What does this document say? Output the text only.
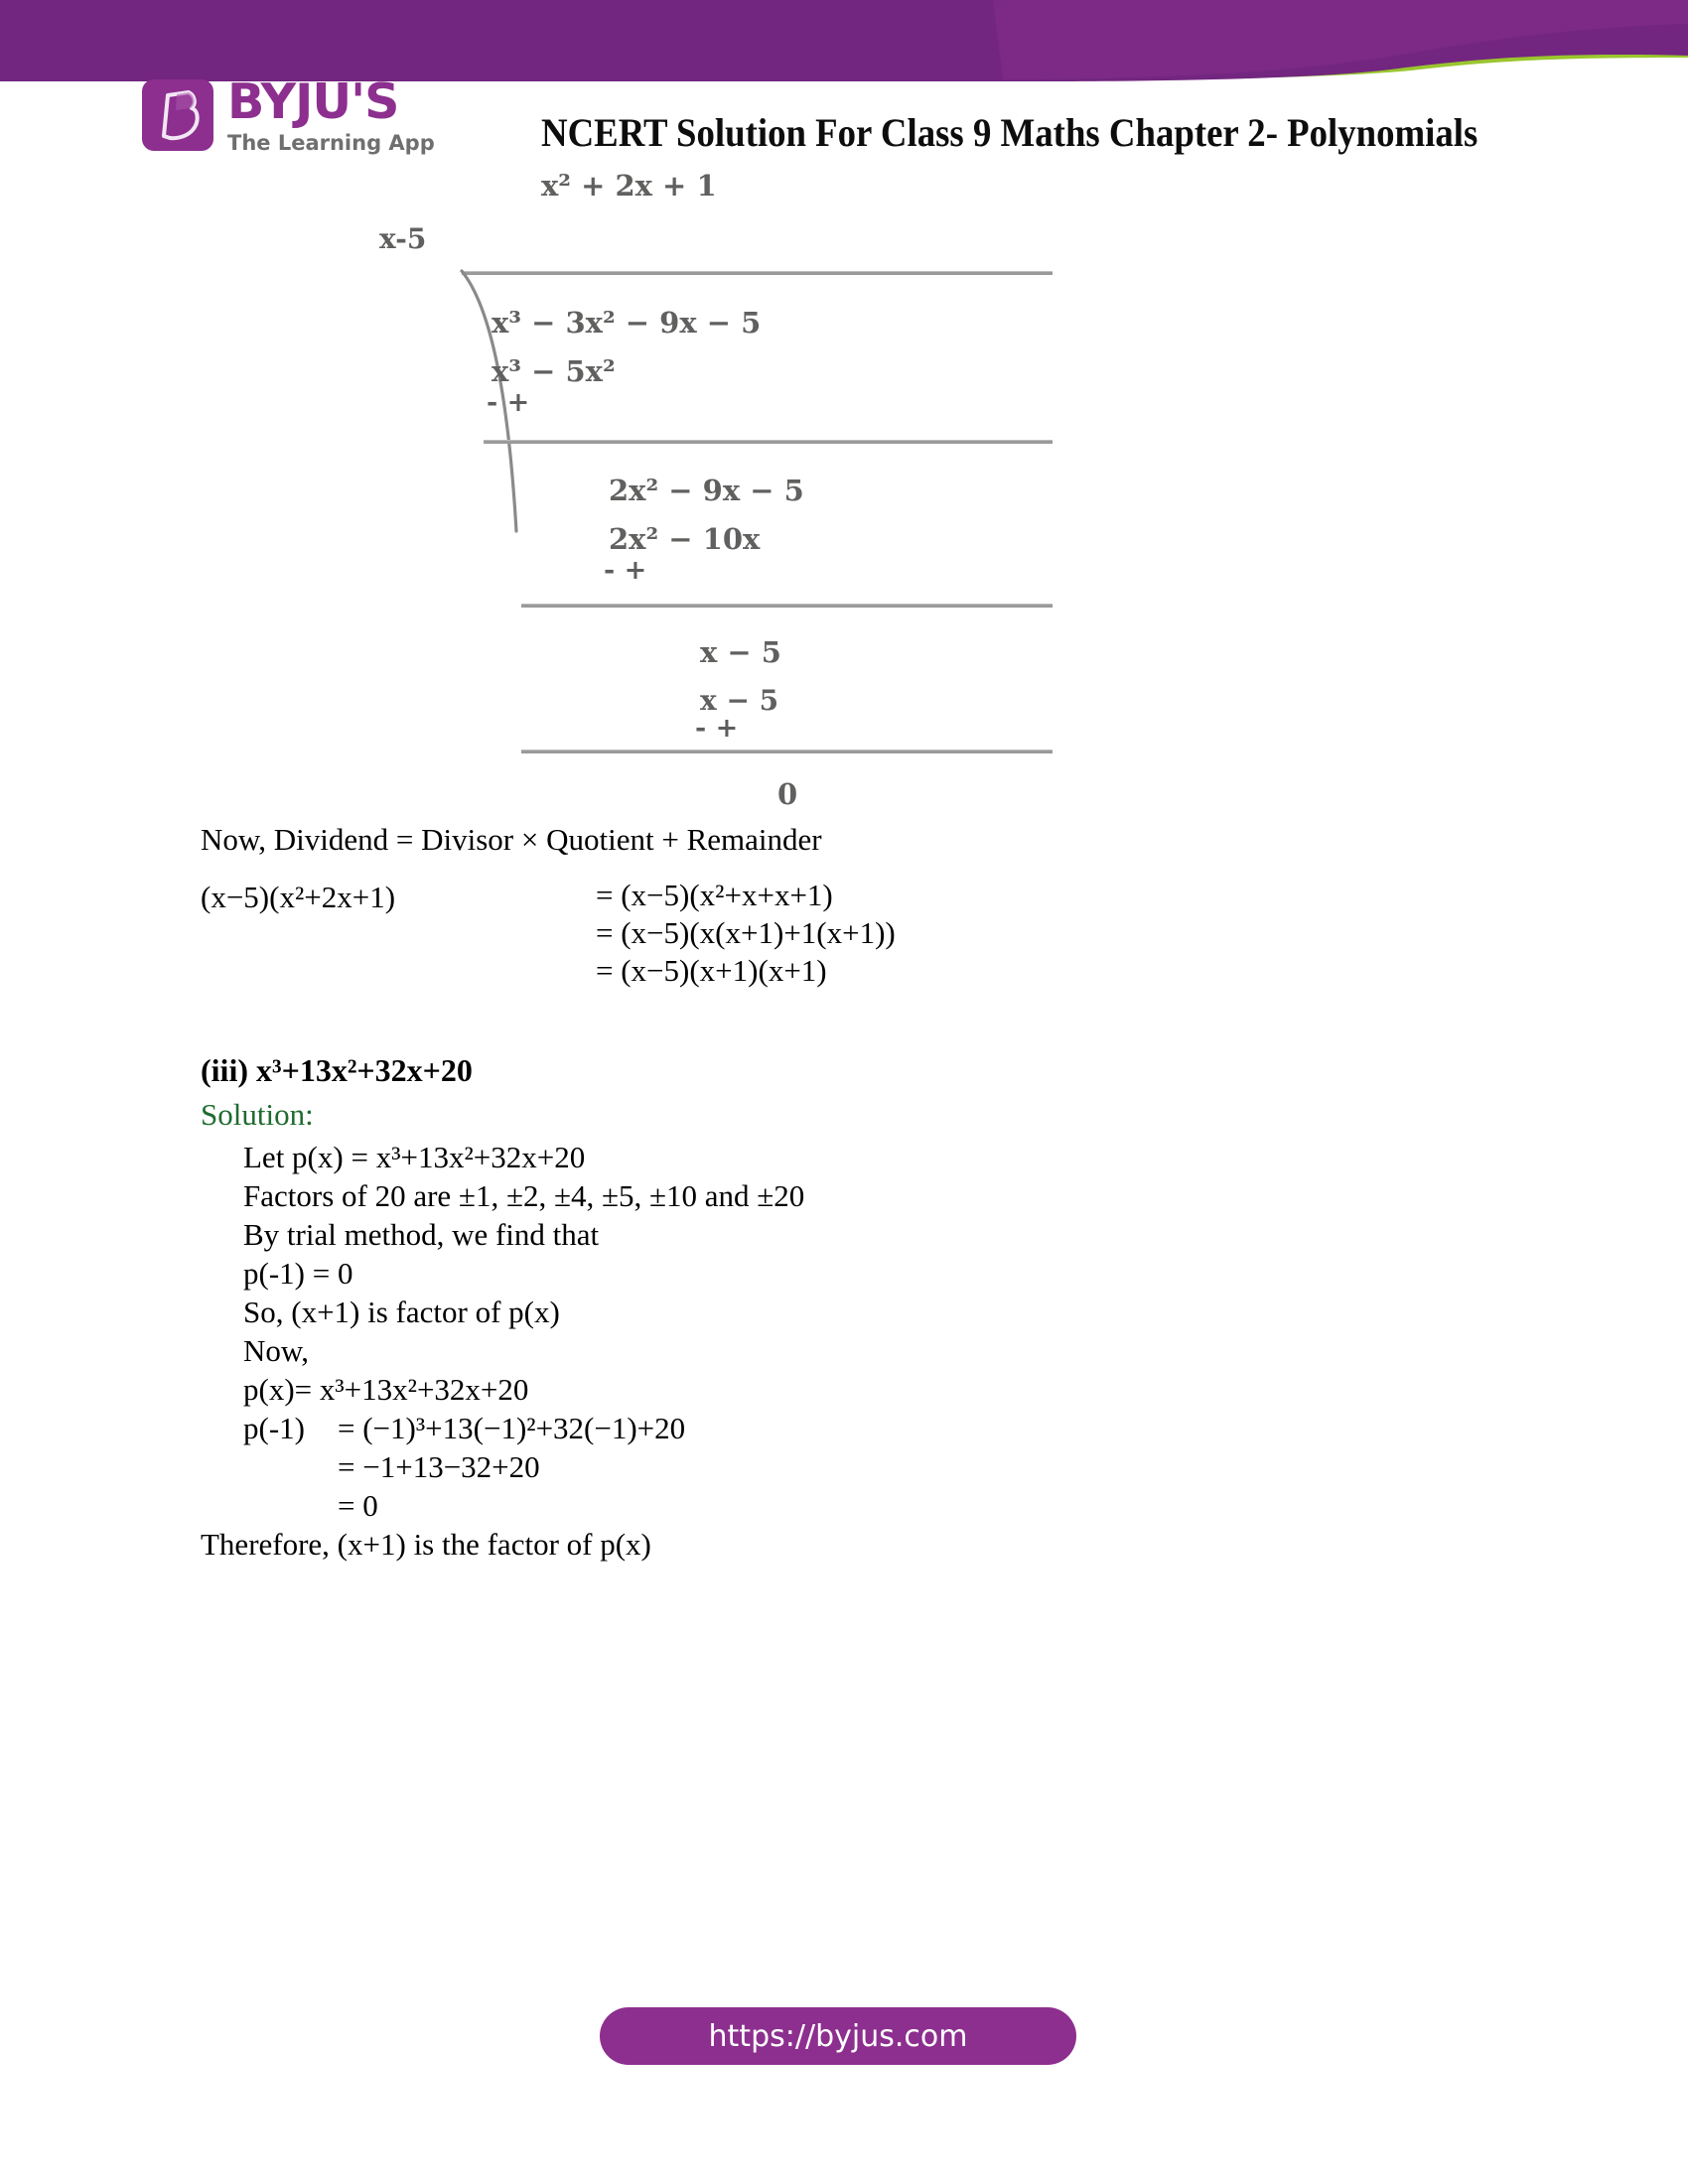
BYJU'S
The Learning App	NCERT Solution For Class 9 Maths Chapter 2- Polynomials
x² + 2x + 1
x-5
x³ − 3x² − 9x − 5
x³ − 5x²
- +
2x² − 9x − 5
2x² − 10x
- +
x − 5
x − 5
- +
0
Now, Dividend = Divisor × Quotient + Remainder
(x−5)(x²+2x+1)	= (x−5)(x²+x+x+1)
= (x−5)(x(x+1)+1(x+1))
= (x−5)(x+1)(x+1)
(iii) x³+13x²+32x+20
Solution:
Let p(x) = x³+13x²+32x+20
Factors of 20 are ±1, ±2, ±4, ±5, ±10 and ±20
By trial method, we find that
p(-1) = 0
So, (x+1) is factor of p(x)
Now,
p(x)= x³+13x²+32x+20
p(-1) = (−1)³+13(−1)²+32(−1)+20
= −1+13−32+20
= 0
Therefore, (x+1) is the factor of p(x)
https://byjus.com
